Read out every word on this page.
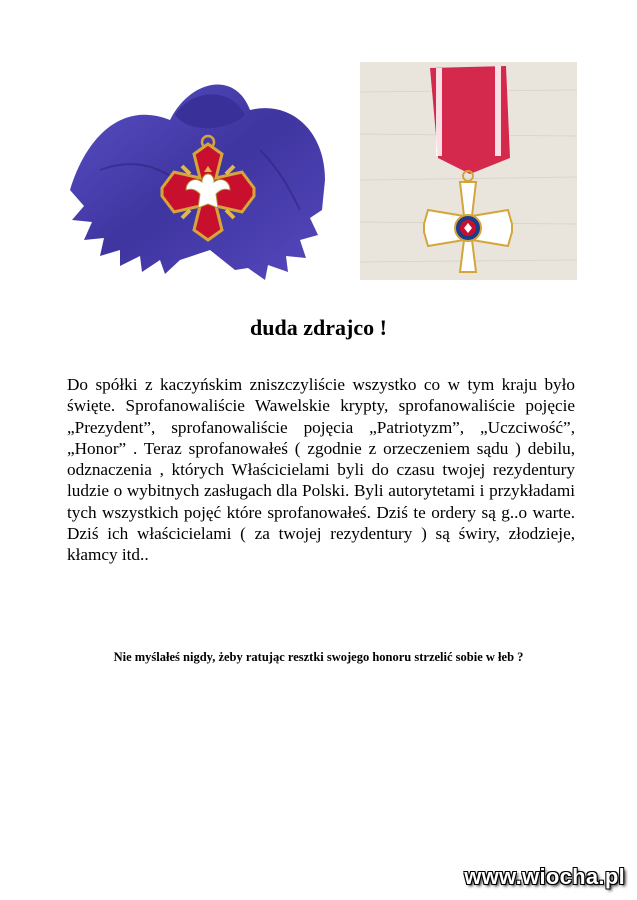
duda zdrajco !

Do spółki z kaczyńskim zniszczyliście wszystko co w tym kraju było święte. Sprofanowaliście Wawelskie krypty, sprofanowaliście pojęcie „Prezydent”, sprofanowaliście pojęcia „Patriotyzm”, „Uczciwość”, „Honor” . Teraz sprofanowałeś ( zgodnie z orzeczeniem sądu ) debilu, odznaczenia , których Właścicielami byli do czasu twojej rezydentury ludzie o wybitnych zasługach dla Polski. Byli autorytetami i przykładami tych wszystkich pojęć które sprofanowałeś. Dziś te ordery są g..o warte. Dziś ich właścicielami ( za twojej rezydentury ) są świry, złodzieje, kłamcy itd..

Nie myślałeś nigdy, żeby ratując resztki swojego honoru strzelić sobie w łeb ?
www.wiocha.pl
